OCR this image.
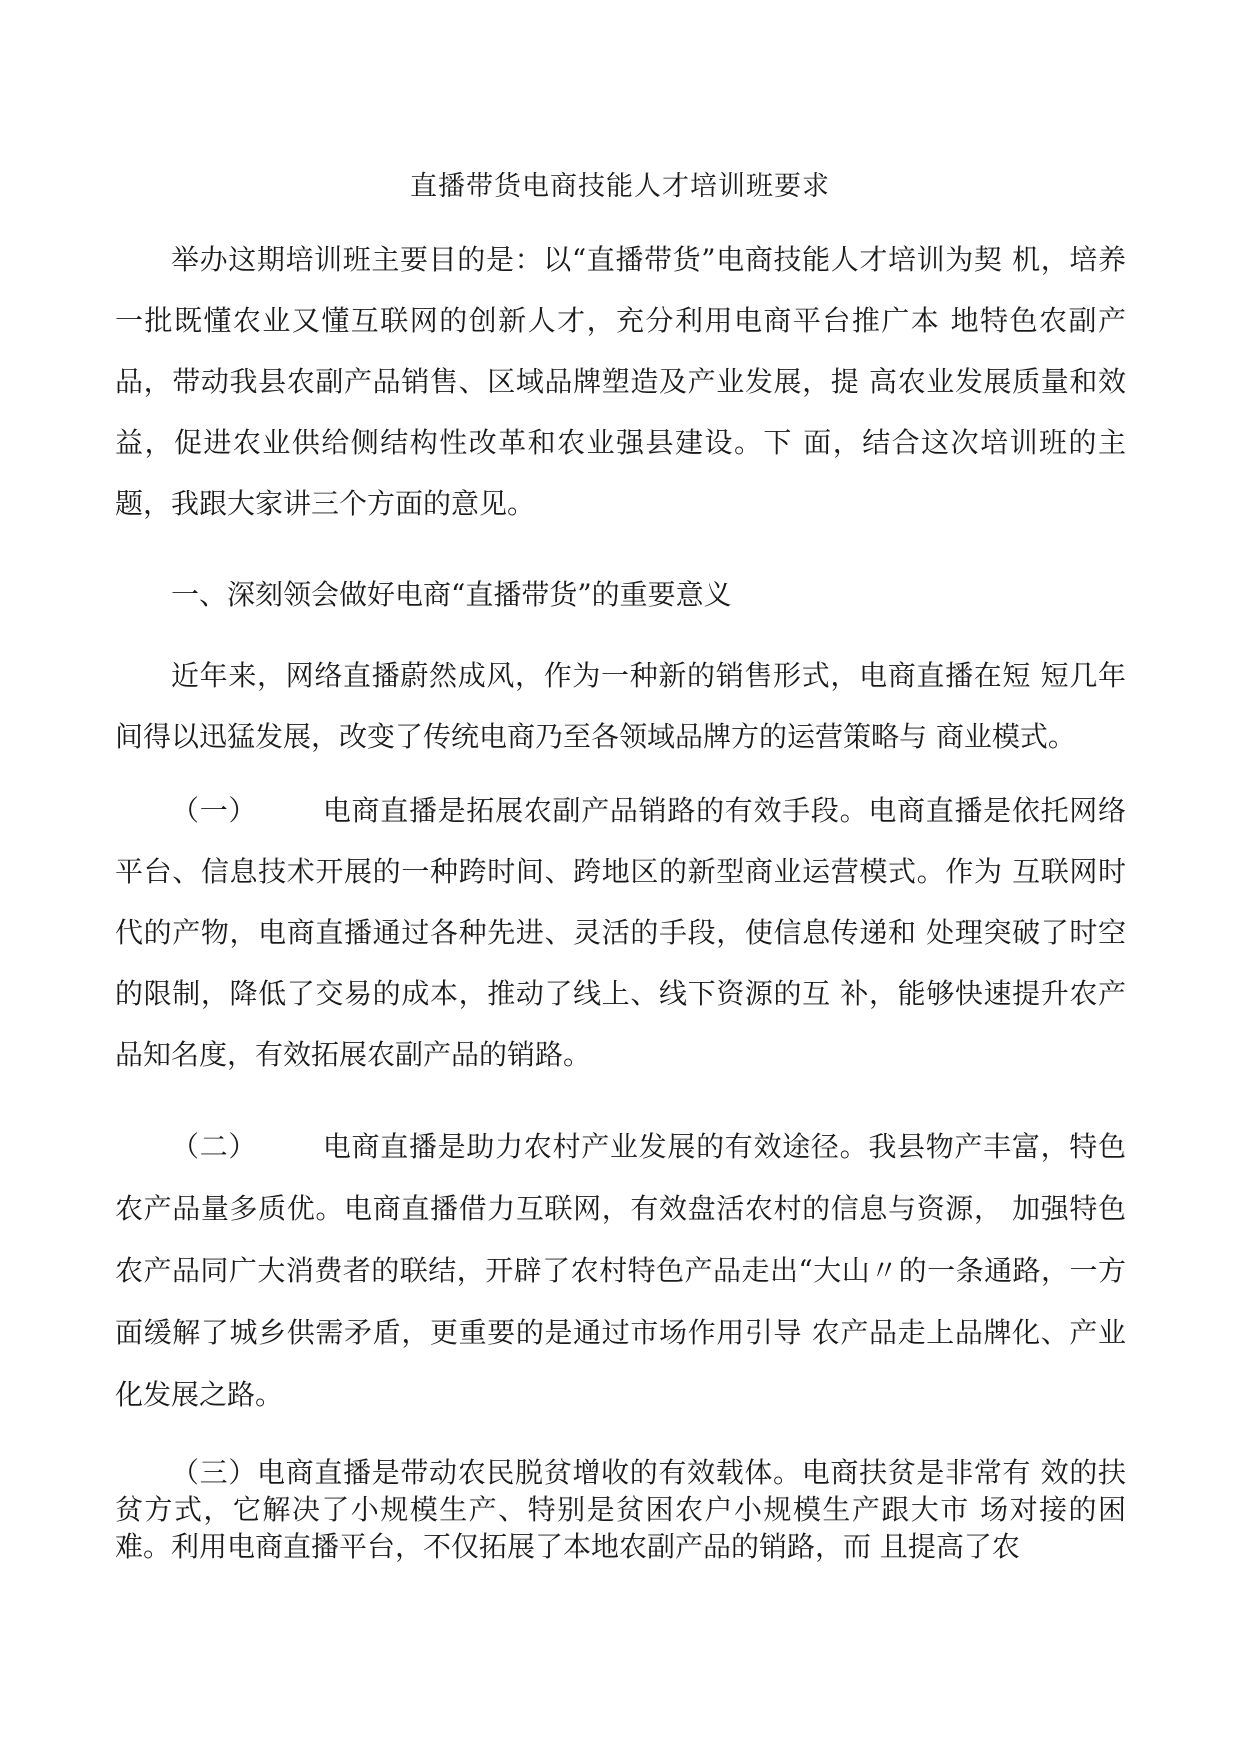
直播带货电商技能人才培训班要求

举办这期培训班主要目的是：以“直播带货”电商技能人才培训为契 机，培养一批既懂农业又懂互联网的创新人才，充分利用电商平台推广本 地特色农副产品，带动我县农副产品销售、区域品牌塑造及产业发展，提 高农业发展质量和效益，促进农业供给侧结构性改革和农业强县建设。下 面，结合这次培训班的主题，我跟大家讲三个方面的意见。

一、深刻领会做好电商“直播带货”的重要意义

近年来，网络直播蔚然成风，作为一种新的销售形式，电商直播在短 短几年间得以迅猛发展，改变了传统电商乃至各领域品牌方的运营策略与 商业模式。

（一） 电商直播是拓展农副产品销路的有效手段。电商直播是依托网络平台、信息技术开展的一种跨时间、跨地区的新型商业运营模式。作为 互联网时代的产物，电商直播通过各种先进、灵活的手段，使信息传递和 处理突破了时空的限制，降低了交易的成本，推动了线上、线下资源的互 补，能够快速提升农产品知名度，有效拓展农副产品的销路。

（二） 电商直播是助力农村产业发展的有效途径。我县物产丰富，特色农产品量多质优。电商直播借力互联网，有效盘活农村的信息与资源， 加强特色农产品同广大消费者的联结，开辟了农村特色产品走出“大山〃的一条通路，一方面缓解了城乡供需矛盾，更重要的是通过市场作用引导 农产品走上品牌化、产业化发展之路。

（三）电商直播是带动农民脱贫增收的有效载体。电商扶贫是非常有 效的扶贫方式，它解决了小规模生产、特别是贫困农户小规模生产跟大市 场对接的困难。利用电商直播平台，不仅拓展了本地农副产品的销路，而 且提高了农
